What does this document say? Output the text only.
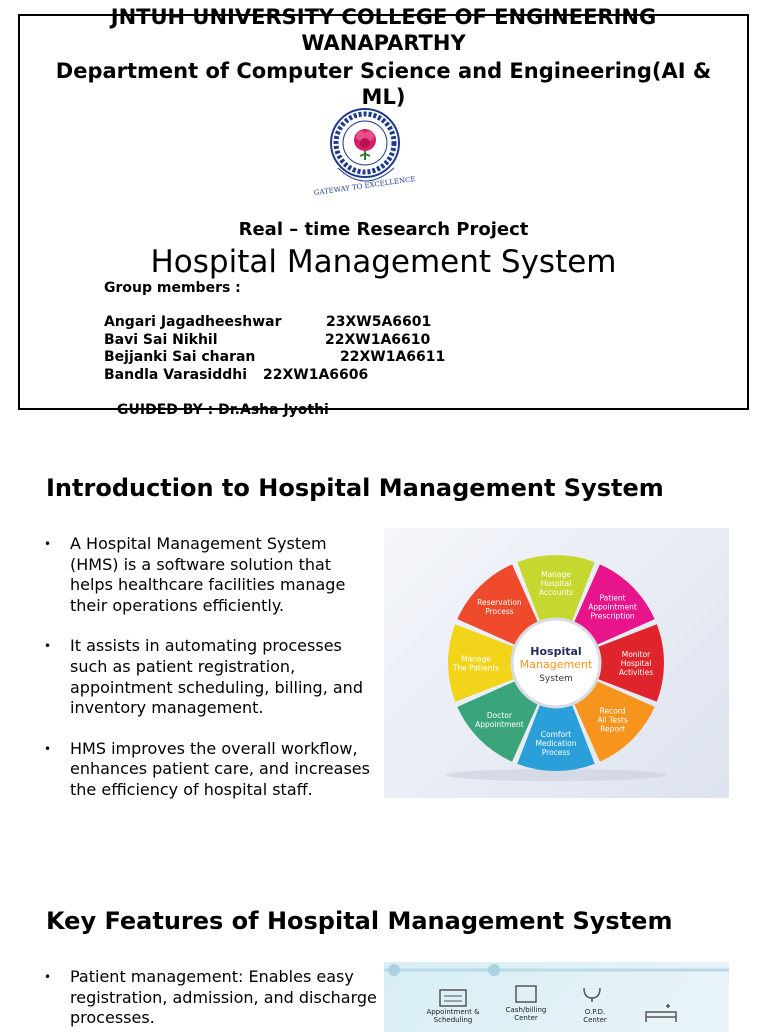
JNTUH UNIVERSITY COLLEGE OF ENGINEERING
WANAPARTHY
Department of Computer Science and Engineering(AI &
ML)
GATEWAY TO EXCELLENCE
Real – time Research Project
Hospital Management System
Group members :
Angari Jagadheeshwar	23XW5A6601
Bavi Sai Nikhil	22XW1A6610
Bejjanki Sai charan	22XW1A6611
Bandla Varasiddhi 22XW1A6606
GUIDED BY : Dr.Asha Jyothi
Introduction to Hospital Management System
• A Hospital Management System (HMS) is a software solution that helps healthcare facilities manage their operations efficiently.
• It assists in automating processes such as patient registration, appointment scheduling, billing, and inventory management.
• HMS improves the overall workflow, enhances patient care, and increases the efficiency of hospital staff.
Reservation
Process
Manage
Hospital
Accounts
Patient
Appointment
Prescription
Monitor
Hospital
Activities
Record
All Tests
Report
Comfort
Medication
Process
Doctor
Appointment
Manage
The Patients
Hospital
Management
System
Key Features of Hospital Management System
• Patient management: Enables easy registration, admission, and discharge processes.	Appointment &
Scheduling
Cash/billing
Center
O.P.D.
Center
